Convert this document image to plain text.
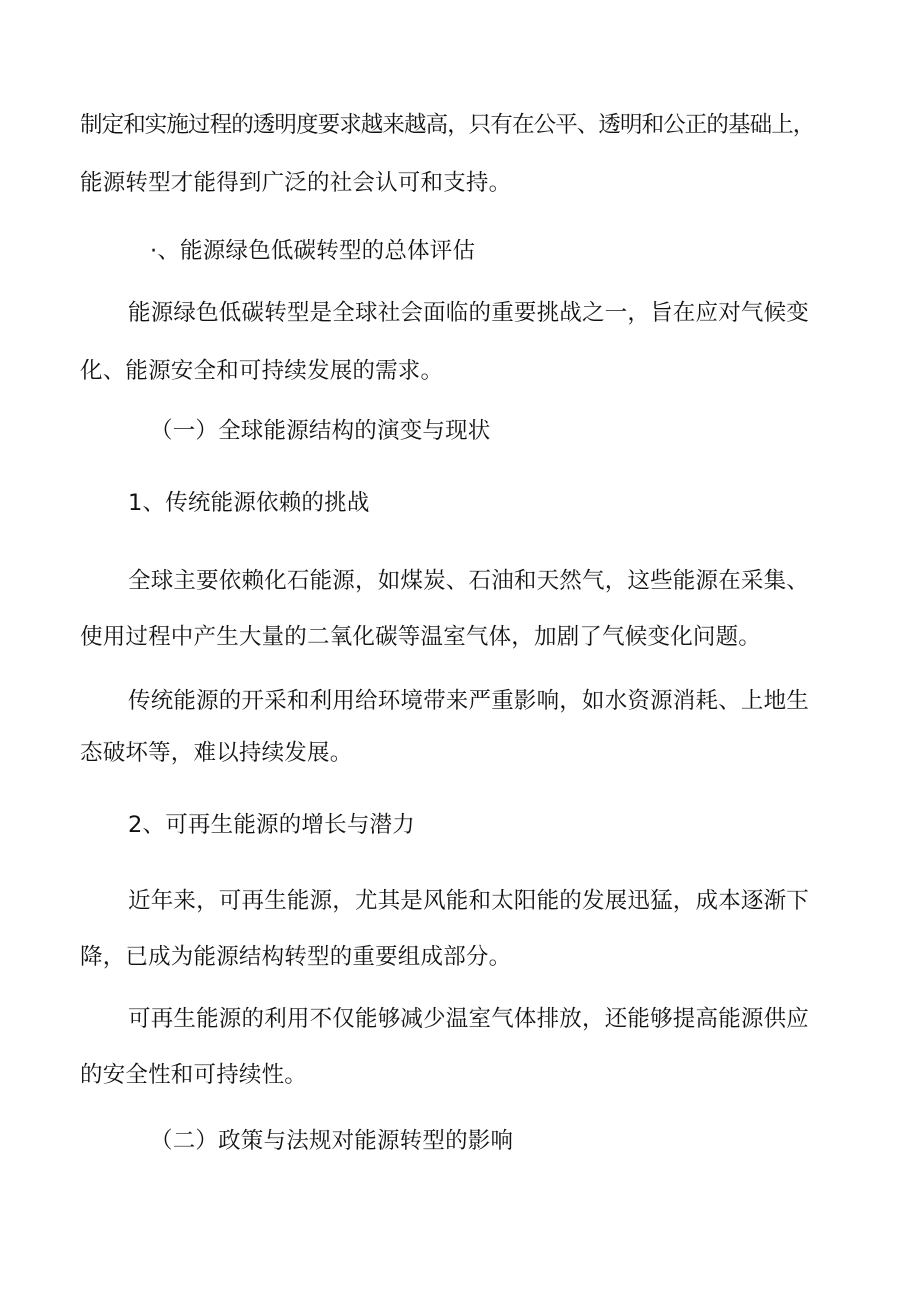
制定和实施过程的透明度要求越来越高，只有在公平、透明和公正的基础上，
能源转型才能得到广泛的社会认可和支持。
·、能源绿色低碳转型的总体评估
能源绿色低碳转型是全球社会面临的重要挑战之一，旨在应对气候变
化、能源安全和可持续发展的需求。
（一）全球能源结构的演变与现状
1、传统能源依赖的挑战
全球主要依赖化石能源，如煤炭、石油和天然气，这些能源在采集、
使用过程中产生大量的二氧化碳等温室气体，加剧了气候变化问题。
传统能源的开采和利用给环境带来严重影响，如水资源消耗、上地生
态破坏等，难以持续发展。
2、可再生能源的增长与潜力
近年来，可再生能源，尤其是风能和太阳能的发展迅猛，成本逐渐下
降，已成为能源结构转型的重要组成部分。
可再生能源的利用不仅能够减少温室气体排放，还能够提高能源供应
的安全性和可持续性。
（二）政策与法规对能源转型的影响
